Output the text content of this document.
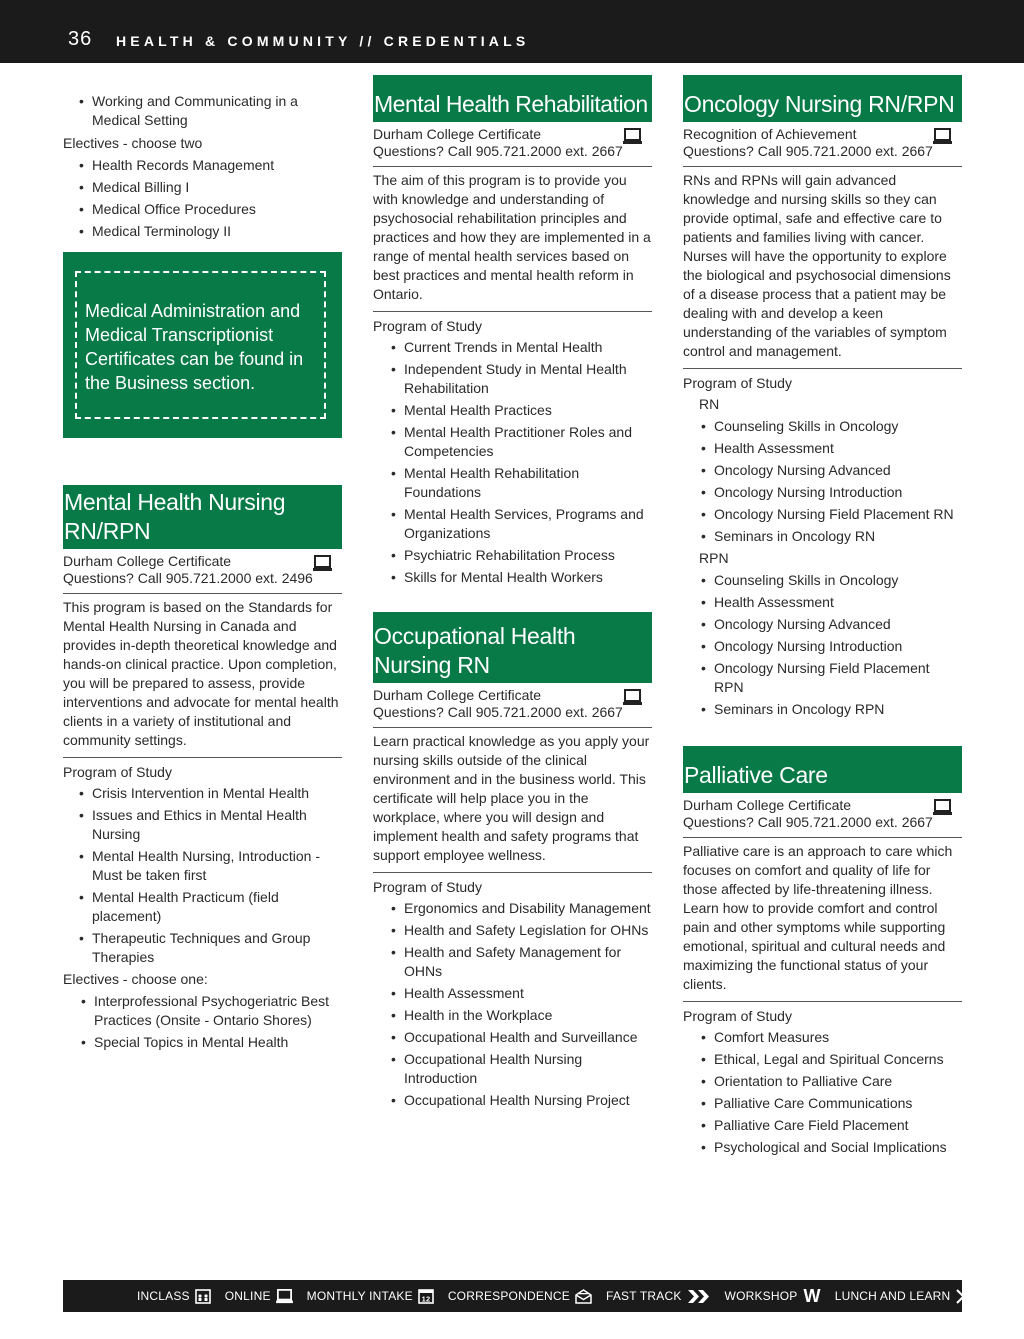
36 HEALTH & COMMUNITY // CREDENTIALS
• Working and Communicating in a Medical Setting
Electives - choose two
• Health Records Management
• Medical Billing I
• Medical Office Procedures
• Medical Terminology II
Medical Administration and Medical Transcriptionist Certificates can be found in the Business section.
Mental Health Nursing
RN/RPN
Durham College Certificate
Questions? Call 905.721.2000 ext. 2496
This program is based on the Standards for Mental Health Nursing in Canada and provides in-depth theoretical knowledge and hands-on clinical practice. Upon completion, you will be prepared to assess, provide interventions and advocate for mental health clients in a variety of institutional and community settings.
Program of Study
• Crisis Intervention in Mental Health
• Issues and Ethics in Mental Health Nursing
• Mental Health Nursing, Introduction - Must be taken first
• Mental Health Practicum (field placement)
• Therapeutic Techniques and Group Therapies
Electives - choose one:
• Interprofessional Psychogeriatric Best Practices (Onsite - Ontario Shores)
• Special Topics in Mental Health
Mental Health Rehabilitation
Durham College Certificate
Questions? Call 905.721.2000 ext. 2667
The aim of this program is to provide you with knowledge and understanding of psychosocial rehabilitation principles and practices and how they are implemented in a range of mental health services based on best practices and mental health reform in Ontario.
Program of Study
• Current Trends in Mental Health
• Independent Study in Mental Health Rehabilitation
• Mental Health Practices
• Mental Health Practitioner Roles and Competencies
• Mental Health Rehabilitation Foundations
• Mental Health Services, Programs and Organizations
• Psychiatric Rehabilitation Process
• Skills for Mental Health Workers
Occupational Health
Nursing RN
Durham College Certificate
Questions? Call 905.721.2000 ext. 2667
Learn practical knowledge as you apply your nursing skills outside of the clinical environment and in the business world. This certificate will help place you in the workplace, where you will design and implement health and safety programs that support employee wellness.
Program of Study
• Ergonomics and Disability Management
• Health and Safety Legislation for OHNs
• Health and Safety Management for OHNs
• Health Assessment
• Health in the Workplace
• Occupational Health and Surveillance
• Occupational Health Nursing Introduction
• Occupational Health Nursing Project
Oncology Nursing RN/RPN
Recognition of Achievement
Questions? Call 905.721.2000 ext. 2667
RNs and RPNs will gain advanced knowledge and nursing skills so they can provide optimal, safe and effective care to patients and families living with cancer. Nurses will have the opportunity to explore the biological and psychosocial dimensions of a disease process that a patient may be dealing with and develop a keen understanding of the variables of symptom control and management.
Program of Study
RN
• Counseling Skills in Oncology
• Health Assessment
• Oncology Nursing Advanced
• Oncology Nursing Introduction
• Oncology Nursing Field Placement RN
• Seminars in Oncology RN
RPN
• Counseling Skills in Oncology
• Health Assessment
• Oncology Nursing Advanced
• Oncology Nursing Introduction
• Oncology Nursing Field Placement RPN
• Seminars in Oncology RPN
Palliative Care
Durham College Certificate
Questions? Call 905.721.2000 ext. 2667
Palliative care is an approach to care which focuses on comfort and quality of life for those affected by life-threatening illness. Learn how to provide comfort and control pain and other symptoms while supporting emotional, spiritual and cultural needs and maximizing the functional status of your clients.
Program of Study
• Comfort Measures
• Ethical, Legal and Spiritual Concerns
• Orientation to Palliative Care
• Palliative Care Communications
• Palliative Care Field Placement
• Psychological and Social Implications
INCLASS	ONLINE	MONTHLY INTAKE 12 CORRESPONDENCE	FAST TRACK	WORKSHOP W LUNCH AND LEARN
